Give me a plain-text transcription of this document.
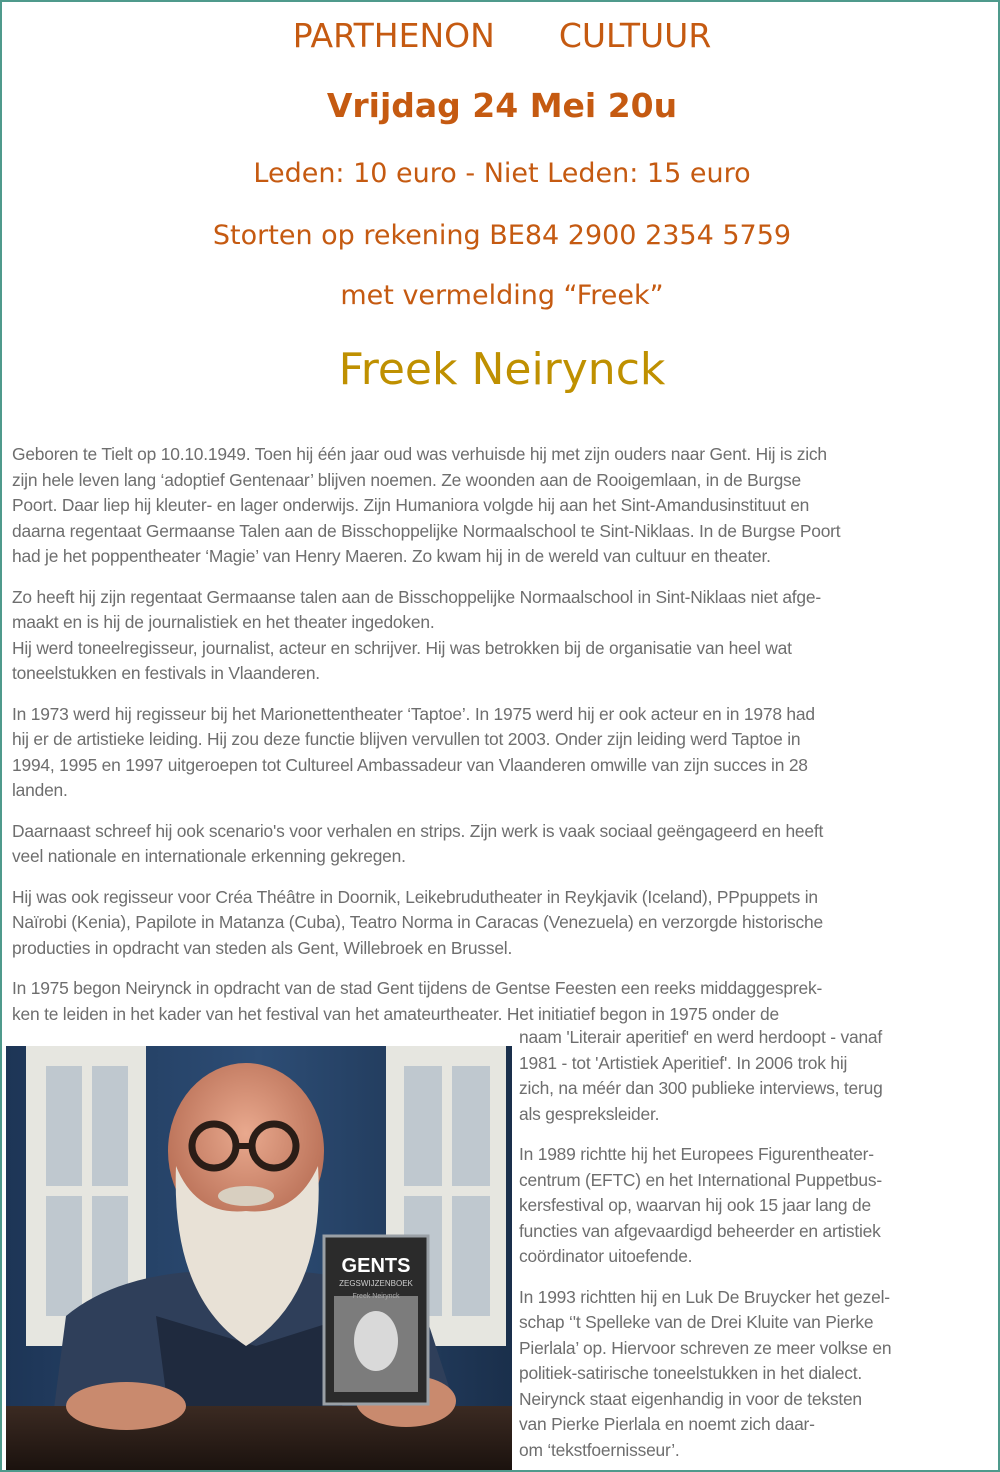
PARTHENON CULTUUR
Vrijdag 24 Mei 20u
Leden: 10 euro - Niet Leden: 15 euro
Storten op rekening BE84 2900 2354 5759
met vermelding “Freek”
Freek Neirynck

Geboren te Tielt op 10.10.1949. Toen hij één jaar oud was verhuisde hij met zijn ouders naar Gent. Hij is zich
zijn hele leven lang ‘adoptief Gentenaar’ blijven noemen. Ze woonden aan de Rooigemlaan, in de Burgse
Poort. Daar liep hij kleuter- en lager onderwijs. Zijn Humaniora volgde hij aan het Sint-Amandusinstituut en
daarna regentaat Germaanse Talen aan de Bisschoppelijke Normaalschool te Sint-Niklaas. In de Burgse Poort
had je het poppentheater ‘Magie’ van Henry Maeren. Zo kwam hij in de wereld van cultuur en theater.

Zo heeft hij zijn regentaat Germaanse talen aan de Bisschoppelijke Normaalschool in Sint-Niklaas niet afge-
maakt en is hij de journalistiek en het theater ingedoken.
Hij werd toneelregisseur, journalist, acteur en schrijver. Hij was betrokken bij de organisatie van heel wat
toneelstukken en festivals in Vlaanderen.

In 1973 werd hij regisseur bij het Marionettentheater ‘Taptoe’. In 1975 werd hij er ook acteur en in 1978 had
hij er de artistieke leiding. Hij zou deze functie blijven vervullen tot 2003. Onder zijn leiding werd Taptoe in
1994, 1995 en 1997 uitgeroepen tot Cultureel Ambassadeur van Vlaanderen omwille van zijn succes in 28
landen.

Daarnaast schreef hij ook scenario's voor verhalen en strips. Zijn werk is vaak sociaal geëngageerd en heeft
veel nationale en internationale erkenning gekregen.

Hij was ook regisseur voor Créa Théâtre in Doornik, Leikebrudutheater in Reykjavik (Iceland), PPpuppets in
Naïrobi (Kenia), Papilote in Matanza (Cuba), Teatro Norma in Caracas (Venezuela) en verzorgde historische
producties in opdracht van steden als Gent, Willebroek en Brussel.

In 1975 begon Neirynck in opdracht van de stad Gent tijdens de Gentse Feesten een reeks middaggesprek-
ken te leiden in het kader van het festival van het amateurtheater. Het initiatief begon in 1975 onder de

naam 'Literair aperitief' en werd herdoopt - vanaf
1981 - tot 'Artistiek Aperitief'. In 2006 trok hij
zich, na méér dan 300 publieke interviews, terug
als gespreksleider.

In 1989 richtte hij het Europees Figurentheater-
centrum (EFTC) en het International Puppetbus-
kersfestival op, waarvan hij ook 15 jaar lang de
functies van afgevaardigd beheerder en artistiek
coördinator uitoefende.

In 1993 richtten hij en Luk De Bruycker het gezel-
schap ‘'t Spelleke van de Drei Kluite van Pierke
Pierlala’ op. Hiervoor schreven ze meer volkse en
politiek-satirische toneelstukken in het dialect.
Neirynck staat eigenhandig in voor de teksten
van Pierke Pierlala en noemt zich daar-
om ‘tekstfoernisseur’.

GENTS
ZEGSWIJZENBOEK
Freek Neirynck
